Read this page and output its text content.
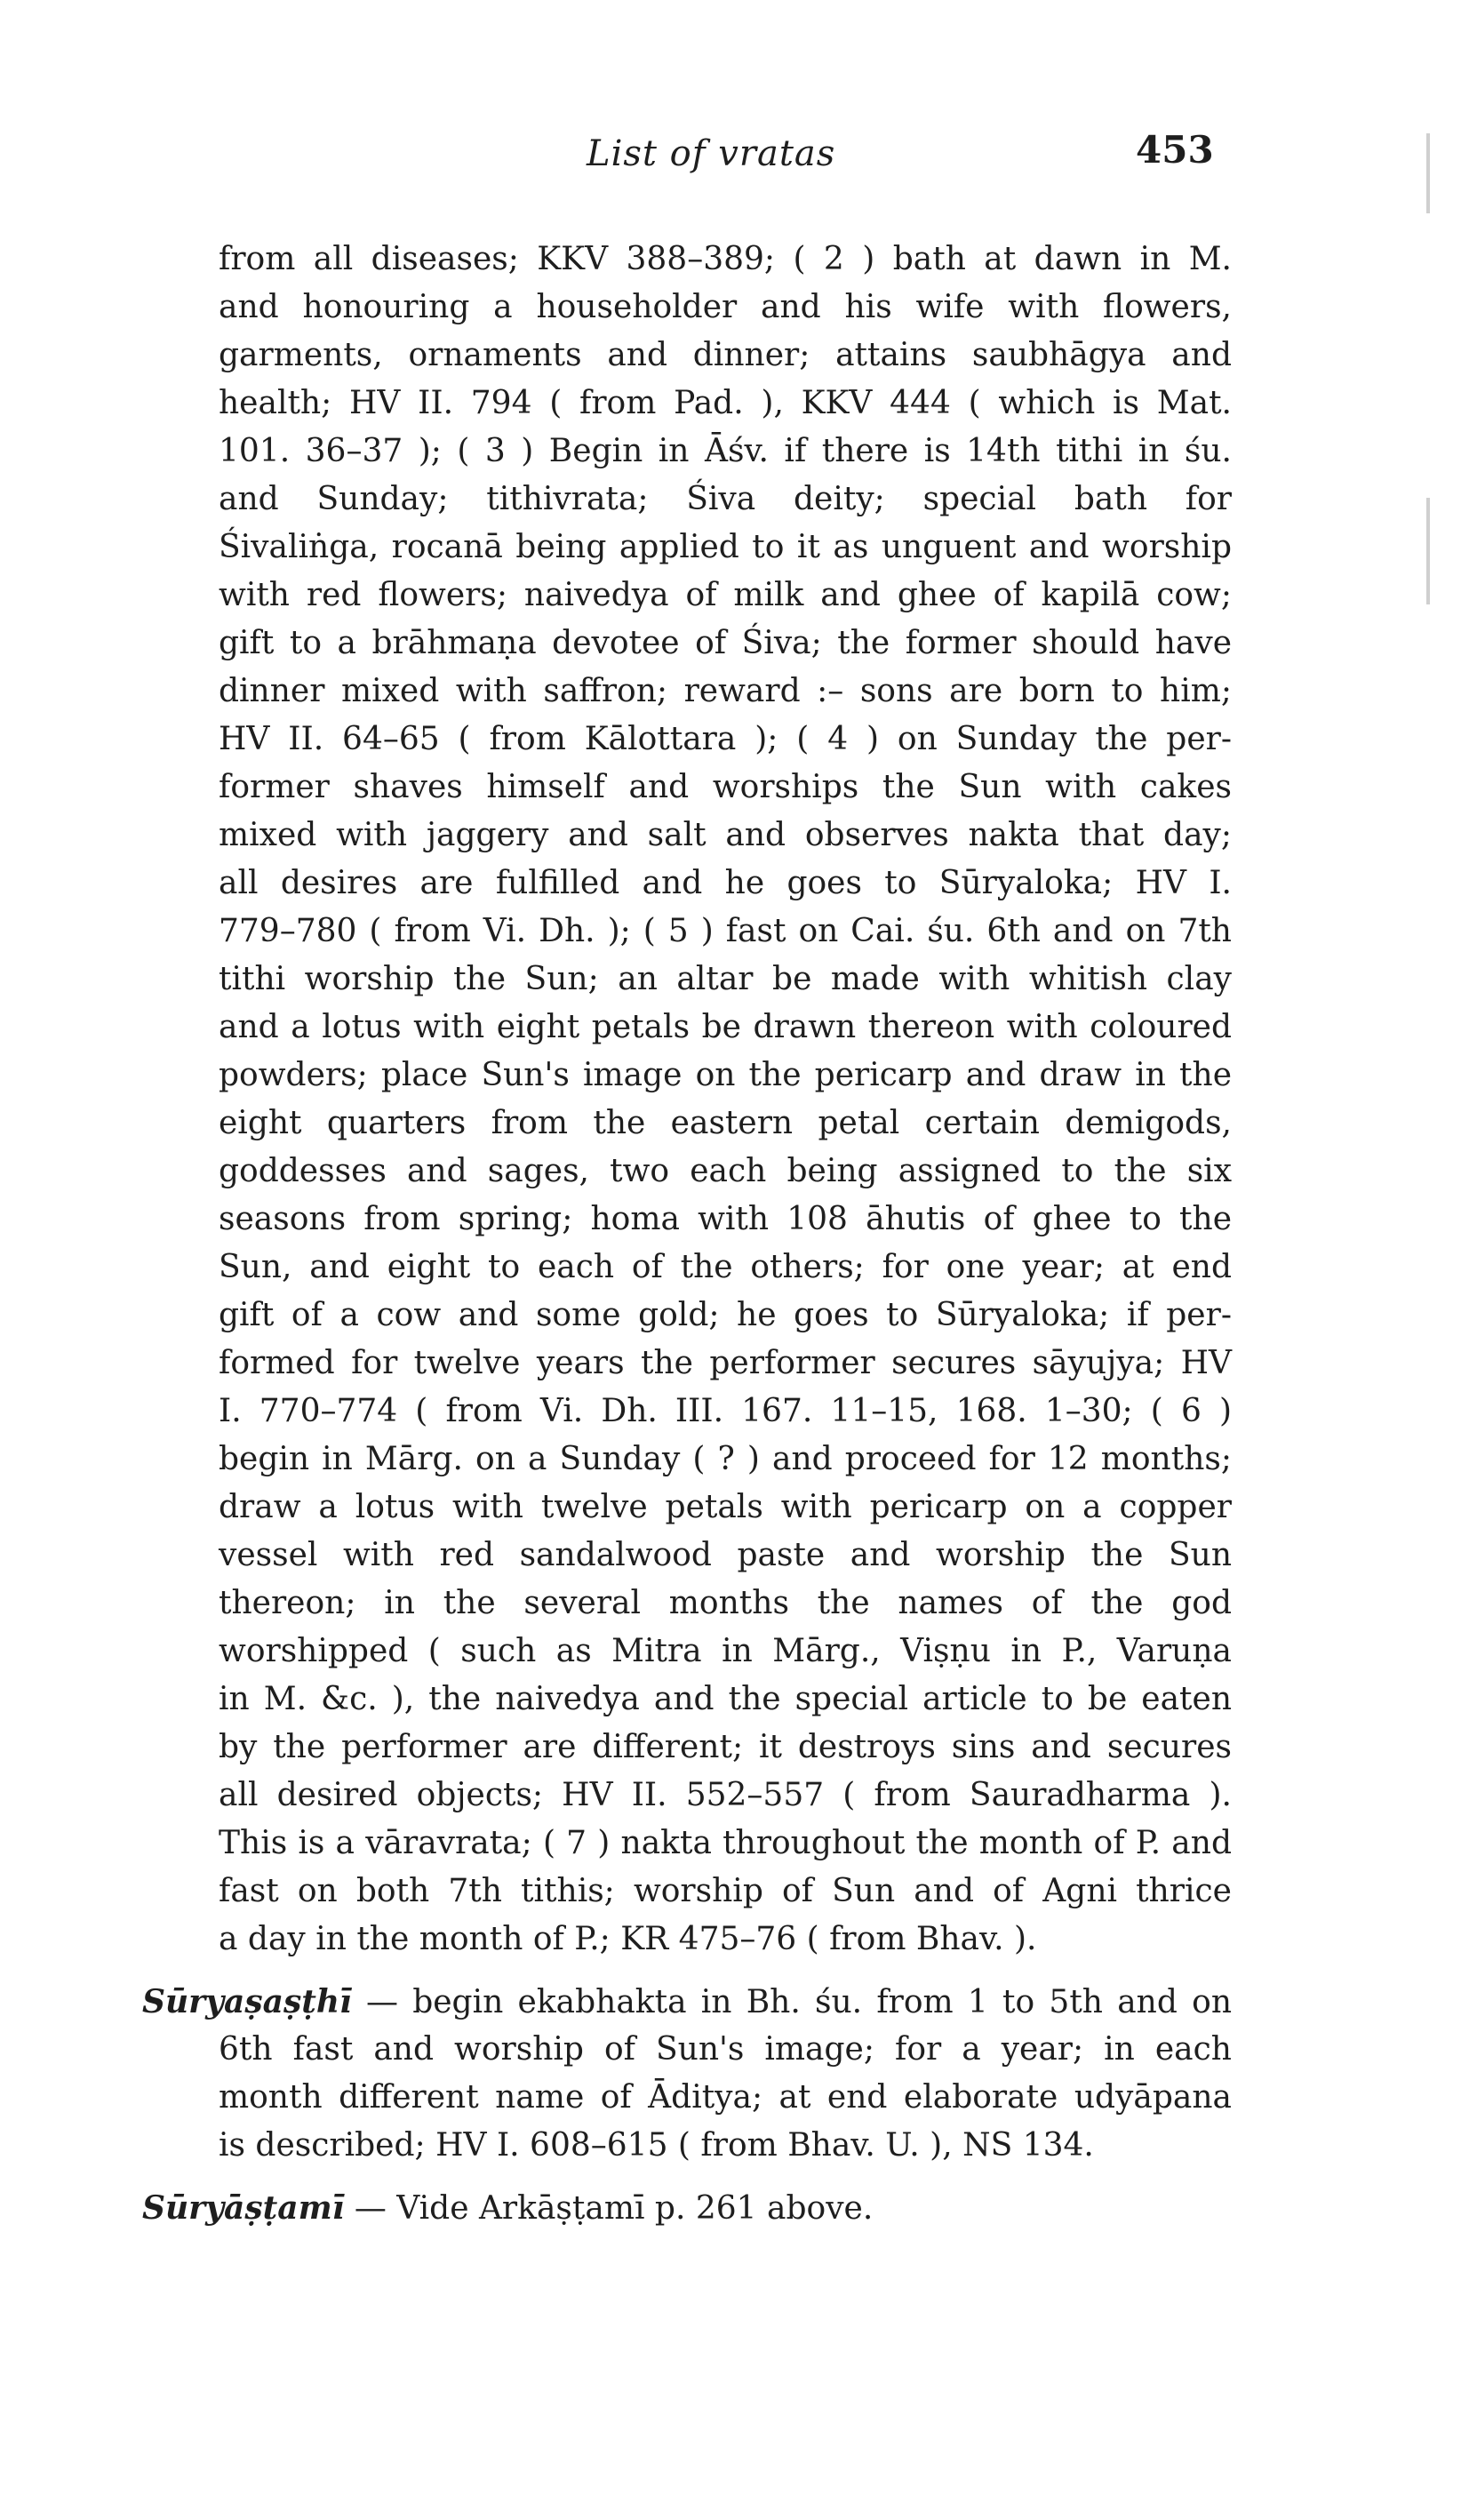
List of vratas	453
from all diseases; KKV 388–389; ( 2 ) bath at dawn in M.
and honouring a householder and his wife with flowers,
garments, ornaments and dinner; attains saubhāgya and
health; HV II. 794 ( from Pad. ), KKV 444 ( which is Mat.
101. 36–37 ); ( 3 ) Begin in Āśv. if there is 14th tithi in śu.
and Sunday; tithivrata; Śiva deity; special bath for
Śivaliṅga, rocanā being applied to it as unguent and worship
with red flowers; naivedya of milk and ghee of kapilā cow;
gift to a brāhmaṇa devotee of Śiva; the former should have
dinner mixed with saffron; reward :– sons are born to him;
HV II. 64–65 ( from Kālottara ); ( 4 ) on Sunday the per-
former shaves himself and worships the Sun with cakes
mixed with jaggery and salt and observes nakta that day;
all desires are fulfilled and he goes to Sūryaloka; HV I.
779–780 ( from Vi. Dh. ); ( 5 ) fast on Cai. śu. 6th and on 7th
tithi worship the Sun; an altar be made with whitish clay
and a lotus with eight petals be drawn thereon with coloured
powders; place Sun's image on the pericarp and draw in the
eight quarters from the eastern petal certain demigods,
goddesses and sages, two each being assigned to the six
seasons from spring; homa with 108 āhutis of ghee to the
Sun, and eight to each of the others; for one year; at end
gift of a cow and some gold; he goes to Sūryaloka; if per-
formed for twelve years the performer secures sāyujya; HV
I. 770–774 ( from Vi. Dh. III. 167. 11–15, 168. 1–30; ( 6 )
begin in Mārg. on a Sunday ( ? ) and proceed for 12 months;
draw a lotus with twelve petals with pericarp on a copper
vessel with red sandalwood paste and worship the Sun
thereon; in the several months the names of the god
worshipped ( such as Mitra in Mārg., Viṣṇu in P., Varuṇa
in M. &c. ), the naivedya and the special article to be eaten
by the performer are different; it destroys sins and secures
all desired objects; HV II. 552–557 ( from Sauradharma ).
This is a vāravrata; ( 7 ) nakta throughout the month of P. and
fast on both 7th tithis; worship of Sun and of Agni thrice
a day in the month of P.; KR 475–76 ( from Bhav. ).
Sūryaṣaṣṭhī — begin ekabhakta in Bh. śu. from 1 to 5th and on
6th fast and worship of Sun's image; for a year; in each
month different name of Āditya; at end elaborate udyāpana
is described; HV I. 608–615 ( from Bhav. U. ), NS 134.
Sūryāṣṭamī — Vide Arkāṣṭamī p. 261 above.
